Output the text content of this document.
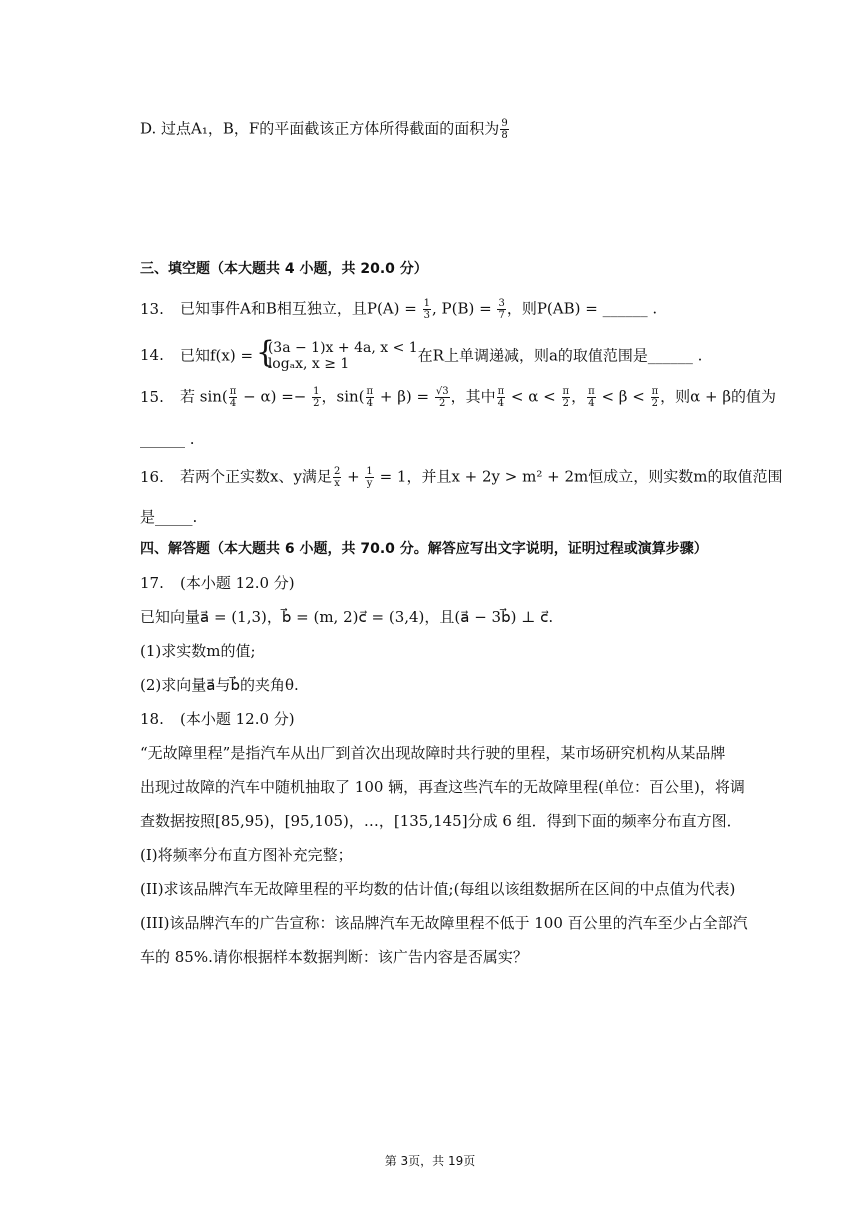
D. 过点A₁，B，F的平面截该正方体所得截面的面积为 $\frac{9}{8}$
三、填空题（本大题共 4 小题，共 20.0 分）
13. 已知事件A和B相互独立，且$P(A) = \frac{1}{3}$ , $P(B) = \frac{3}{7}$ ，则P(AB) = ______ .
14. 已知f(x) =
{
(3a − 1)x + 4a, x < 1
logₐx, x ≥ 1	在R上单调递减，则a的取值范围是______ .
15. 若 $\sin( \frac{\pi}{4} - \alpha) =- \frac{1}{2}$ ，$\sin( \frac{\pi}{4} + \beta) = \frac{√3}{2}$ ，其中 $\frac{\pi}{4} < \alpha < \frac{\pi}{2}$ ， $\frac{\pi}{4} < \beta < \frac{\pi}{2}$ ，则α + β的值为
______ .
16. 若两个正实数x、y满足 $\frac{2}{x} + \frac{1}{y} = 1$，并且x + 2y > m² + 2m恒成立，则实数m的取值范围
是_____.
四、解答题（本大题共 6 小题，共 70.0 分。解答应写出文字说明，证明过程或演算步骤）
17. (本小题 12.0 分)
已知向量a⃗ = (1,3)，b⃗ = (m, 2)c⃗ = (3,4)，且(a⃗ − 3b⃗) ⊥ c⃗.
(1)求实数m的值;
(2)求向量a⃗与b⃗的夹角θ.
18. (本小题 12.0 分)
“无故障里程”是指汽车从出厂到首次出现故障时共行驶的里程，某市场研究机构从某品牌
出现过故障的汽车中随机抽取了 100 辆，再查这些汽车的无故障里程(单位：百公里)，将调
查数据按照[85,95)，[95,105)，…，[135,145]分成 6 组．得到下面的频率分布直方图．
(I)将频率分布直方图补充完整；
(II)求该品牌汽车无故障里程的平均数的估计值;(每组以该组数据所在区间的中点值为代表)
(III)该品牌汽车的广告宣称：该品牌汽车无故障里程不低于 100 百公里的汽车至少占全部汽
车的 85%.请你根据样本数据判断：该广告内容是否属实？
第 3页，共 19页
